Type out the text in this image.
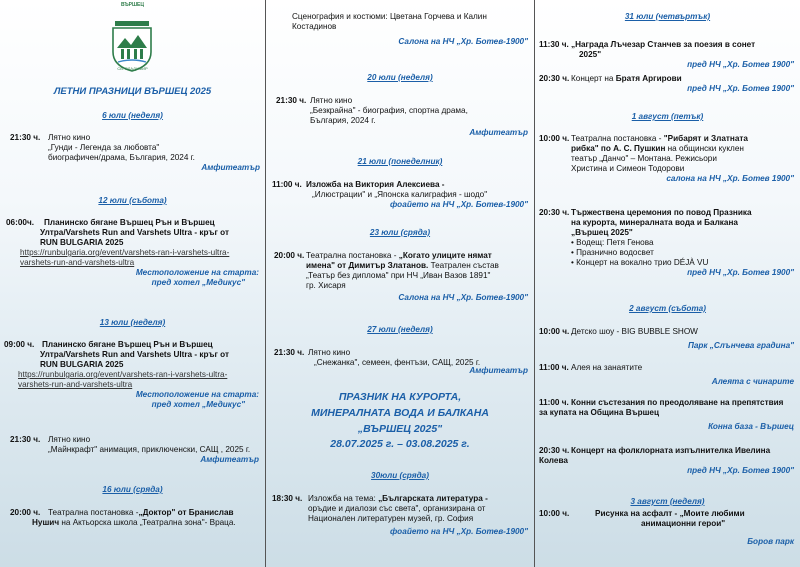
ВЪРШЕЦ
СВ. ВЛАДИМИР
ЛЕТНИ ПРАЗНИЦИ ВЪРШЕЦ 2025
6 юли (неделя)
21:30 ч. Лятно кино
„Гунди - Легенда за любовта"
биографичен/драма, България, 2024 г.
Амфитеатър
12 юли (събота)
06:00ч.	Планинско бягане Вършец Рън и Вършец
Ултра/Varshets Run and Varshets Ultra - кръг от
RUN BULGARIA 2025
https://runbulgaria.org/event/varshets-ran-i-varshets-ultra-
varshets-run-and-varshets-ultra
Местоположение на старта:
пред хотел „Медикус"
13 юли (неделя)
09:00 ч. Планинско бягане Вършец Рън и Вършец
Ултра/Varshets Run and Varshets Ultra - кръг от
RUN BULGARIA 2025
https://runbulgaria.org/event/varshets-ran-i-varshets-ultra-
varshets-run-and-varshets-ultra
Местоположение на старта:
пред хотел „Медикус"
21:30 ч. Лятно кино
„Майнкрафт" анимация, приключенски, САЩ , 2025 г.
Амфитеатър
16 юли (сряда)
20:00 ч. Театрална постановка - „Доктор" от Бранислав
Нушич на Актьорска школа „Театрална зона"- Враца.
Сценография и костюми: Цветана Горчева и Калин
Костадинов
Салона на НЧ „Хр. Ботев-1900"
20 юли (неделя)
21:30 ч. Лятно кино
„Безкрайна" - биография, спортна драма,
България, 2024 г.
Амфитеатър
21 юли (понеделник)
11:00 ч. Изложба на Виктория Алексиева -
„Илюстрации" и „Японска калиграфия - шодо"
фоайето на НЧ „Хр. Ботев-1900"
23 юли (сряда)
20:00 ч. Театрална постановка - „Когато улиците нямат
имена" от Димитър Златанов. Театрален състав
„Театър без диплома" при НЧ „Иван Вазов 1891"
гр. Хисаря
Салона на НЧ „Хр. Ботев-1900"
27 юли (неделя)
21:30 ч. Лятно кино
„Снежанка", семеен, фентъзи, САЩ, 2025 г.
Амфитеатър
ПРАЗНИК НА КУРОРТА,
МИНЕРАЛНАТА ВОДА И БАЛКАНА
„ВЪРШЕЦ 2025"
28.07.2025 г. – 03.08.2025 г.
30юли (сряда)
18:30 ч. Изложба на тема: „Българската литература -
оръдие и диалози със света", организирана от
Национален литературен музей, гр. София
фоайето на НЧ „Хр. Ботев-1900"
31 юли (четвъртък)
11:30 ч. „Награда Лъчезар Станчев за поезия в сонет
2025"
пред НЧ „Хр. Ботев 1900"
20:30 ч. Концерт на Братя Аргирови
пред НЧ „Хр. Ботев 1900"
1 август (петък)
10:00 ч. Театрална постановка - "Рибарят и Златната
рибка" по А. С. Пушкин на общински куклен
театър „Данчо" – Монтана. Режисьори
Христина и Симеон Тодорови
салона на НЧ „Хр. Ботев 1900"
20:30 ч. Тържествена церемония по повод Празника
на курорта, минералната вода и Балкана
„Вършец 2025"
• Водещ: Петя Генова
• Празнично водосвет
• Концерт на вокално трио DÉJÀ VU
пред НЧ „Хр. Ботев 1900"
2 август (събота)
10:00 ч. Детско шоу - BIG BUBBLE SHOW
Парк „Слънчева градина"
11:00 ч. Алея на занаятите
Алеята с чинарите
11:00 ч. Конни състезания по преодоляване на препятствия
за купата на Община Вършец
Конна база - Вършец
20:30 ч. Концерт на фолклорната изпълнителка Ивелина
Колева
пред НЧ „Хр. Ботев 1900"
3 август (неделя)
10:00 ч.	Рисунка на асфалт - „Моите любими
анимационни герои"
Боров парк
